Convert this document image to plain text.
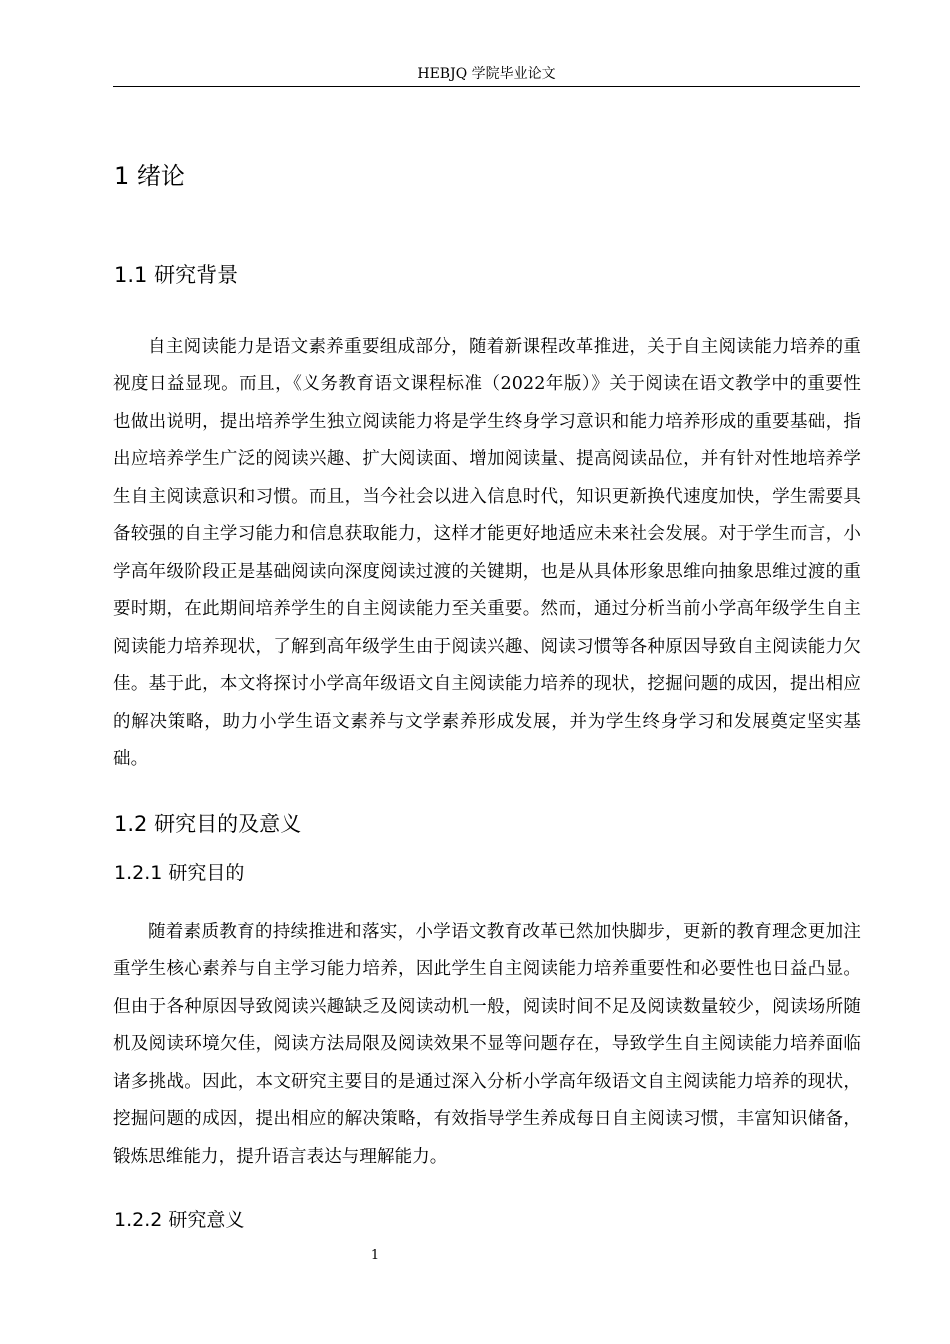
HEBJQ 学院毕业论文
1 绪论
1.1 研究背景

自主阅读能力是语文素养重要组成部分，随着新课程改革推进，关于自主阅读能力培养的重视度日益显现。而且，《义务教育语文课程标准（2022年版）》关于阅读在语文教学中的重要性也做出说明，提出培养学生独立阅读能力将是学生终身学习意识和能力培养形成的重要基础，指出应培养学生广泛的阅读兴趣、扩大阅读面、增加阅读量、提高阅读品位，并有针对性地培养学生自主阅读意识和习惯。而且，当今社会以进入信息时代，知识更新换代速度加快，学生需要具备较强的自主学习能力和信息获取能力，这样才能更好地适应未来社会发展。对于学生而言，小学高年级阶段正是基础阅读向深度阅读过渡的关键期，也是从具体形象思维向抽象思维过渡的重要时期，在此期间培养学生的自主阅读能力至关重要。然而，通过分析当前小学高年级学生自主阅读能力培养现状，了解到高年级学生由于阅读兴趣、阅读习惯等各种原因导致自主阅读能力欠佳。基于此，本文将探讨小学高年级语文自主阅读能力培养的现状，挖掘问题的成因，提出相应的解决策略，助力小学生语文素养与文学素养形成发展，并为学生终身学习和发展奠定坚实基础。

1.2 研究目的及意义
1.2.1 研究目的

随着素质教育的持续推进和落实，小学语文教育改革已然加快脚步，更新的教育理念更加注重学生核心素养与自主学习能力培养，因此学生自主阅读能力培养重要性和必要性也日益凸显。但由于各种原因导致阅读兴趣缺乏及阅读动机一般，阅读时间不足及阅读数量较少，阅读场所随机及阅读环境欠佳，阅读方法局限及阅读效果不显等问题存在，导致学生自主阅读能力培养面临诸多挑战。因此，本文研究主要目的是通过深入分析小学高年级语文自主阅读能力培养的现状，挖掘问题的成因，提出相应的解决策略，有效指导学生养成每日自主阅读习惯，丰富知识储备，锻炼思维能力，提升语言表达与理解能力。

1.2.2 研究意义
1
